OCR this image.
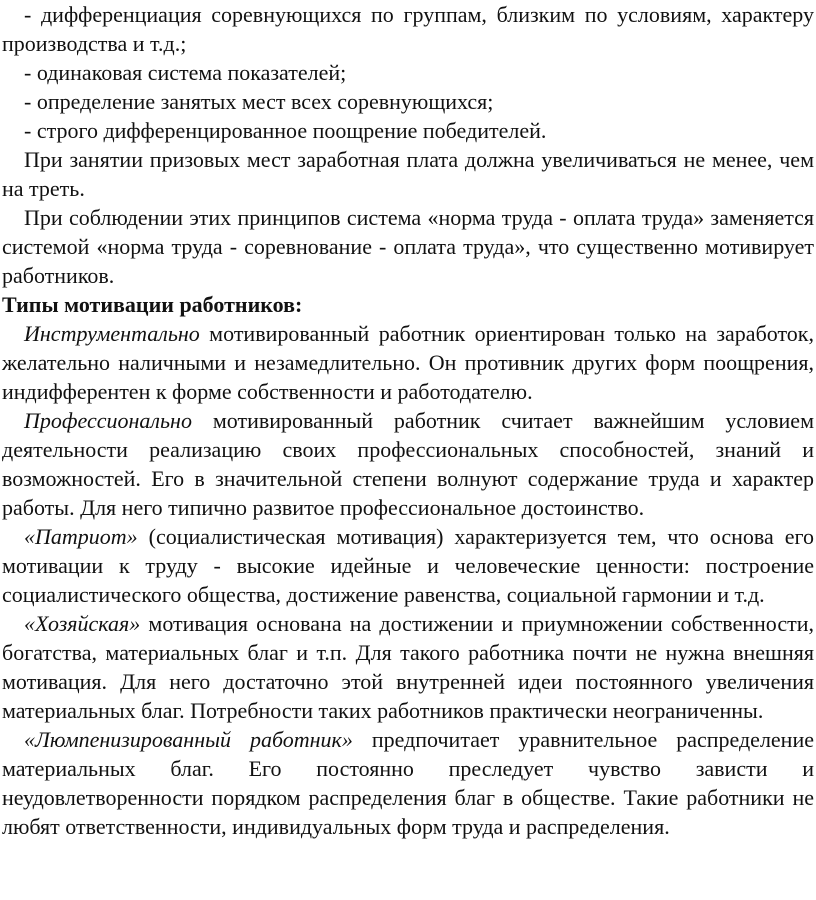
- дифференциация соревнующихся по группам, близким по условиям, характеру производства и т.д.;

- одинаковая система показателей;

- определение занятых мест всех соревнующихся;

- строго дифференцированное поощрение победителей.

При занятии призовых мест заработная плата должна увеличиваться не менее, чем на треть.

При соблюдении этих принципов система «норма труда - оплата труда» заменяется системой «норма труда - соревнование - оплата труда», что существенно мотивирует работников.

Типы мотивации работников:

Инструментально мотивированный работник ориентирован только на заработок, желательно наличными и незамедлительно. Он противник других форм поощрения, индифферентен к форме собственности и работодателю.

Профессионально мотивированный работник считает важнейшим условием деятельности реализацию своих профессиональных способностей, знаний и возможностей. Его в значительной степени волнуют содержание труда и характер работы. Для него типично развитое профессиональное достоинство.

«Патриот» (социалистическая мотивация) характеризуется тем, что основа его мотивации к труду - высокие идейные и человеческие ценности: построение социалистического общества, достижение равенства, социальной гармонии и т.д.

«Хозяйская» мотивация основана на достижении и приумножении собственности, богатства, материальных благ и т.п. Для такого работника почти не нужна внешняя мотивация. Для него достаточно этой внутренней идеи постоянного увеличения материальных благ. Потребности таких работников практически неограниченны.

«Люмпенизированный работник» предпочитает уравнительное распределение материальных благ. Его постоянно преследует чувство зависти и неудовлетворенности порядком распределения благ в обществе. Такие работники не любят ответственности, индивидуальных форм труда и распределения.
